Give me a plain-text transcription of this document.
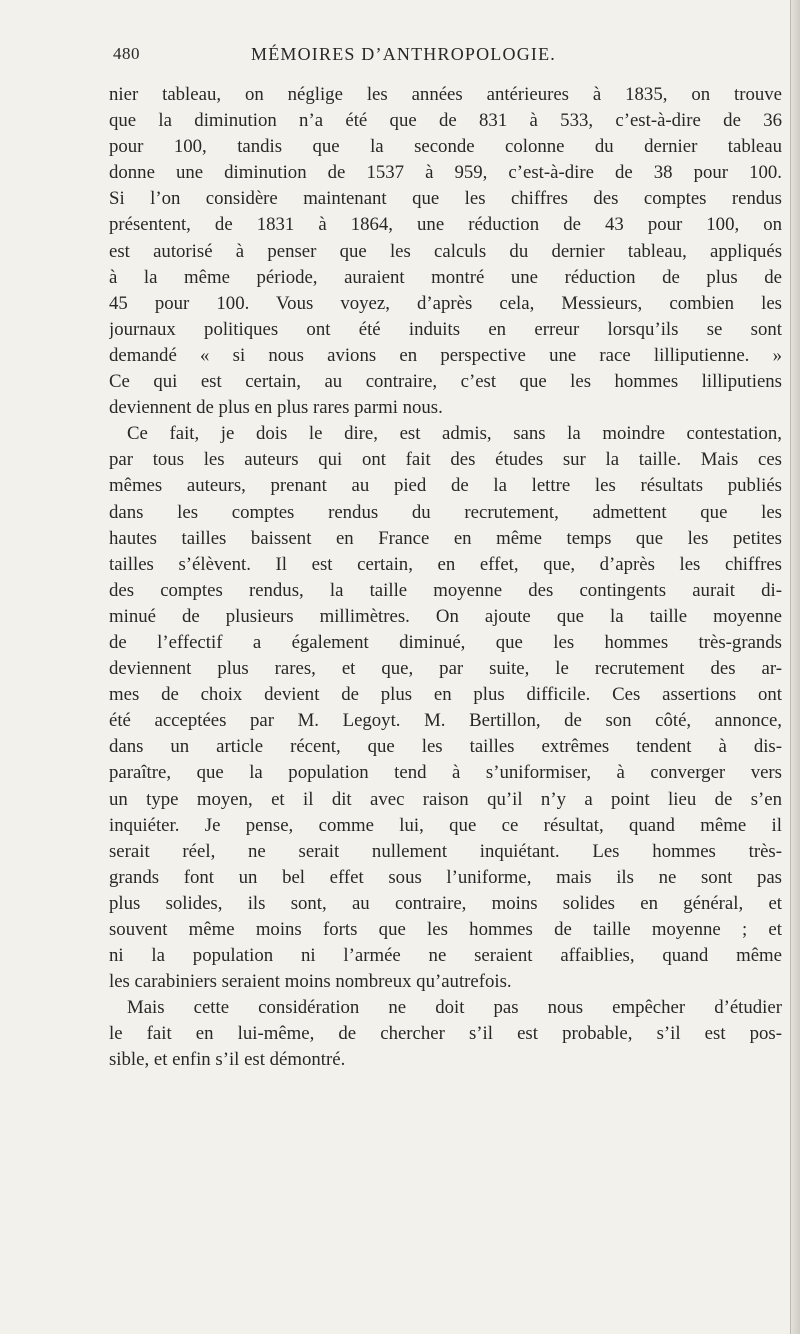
480	MÉMOIRES D’ANTHROPOLOGIE.

nier tableau, on néglige les années antérieures à 1835, on trouve
que la diminution n’a été que de 831 à 533, c’est-à-dire de 36
pour 100, tandis que la seconde colonne du dernier tableau
donne une diminution de 1537 à 959, c’est-à-dire de 38 pour 100.
Si l’on considère maintenant que les chiffres des comptes rendus
présentent, de 1831 à 1864, une réduction de 43 pour 100, on
est autorisé à penser que les calculs du dernier tableau, appliqués
à la même période, auraient montré une réduction de plus de
45 pour 100. Vous voyez, d’après cela, Messieurs, combien les
journaux politiques ont été induits en erreur lorsqu’ils se sont
demandé « si nous avions en perspective une race lilliputienne. »
Ce qui est certain, au contraire, c’est que les hommes lilliputiens
deviennent de plus en plus rares parmi nous.

Ce fait, je dois le dire, est admis, sans la moindre contestation,
par tous les auteurs qui ont fait des études sur la taille. Mais ces
mêmes auteurs, prenant au pied de la lettre les résultats publiés
dans les comptes rendus du recrutement, admettent que les
hautes tailles baissent en France en même temps que les petites
tailles s’élèvent. Il est certain, en effet, que, d’après les chiffres
des comptes rendus, la taille moyenne des contingents aurait di-
minué de plusieurs millimètres. On ajoute que la taille moyenne
de l’effectif a également diminué, que les hommes très-grands
deviennent plus rares, et que, par suite, le recrutement des ar-
mes de choix devient de plus en plus difficile. Ces assertions ont
été acceptées par M. Legoyt. M. Bertillon, de son côté, annonce,
dans un article récent, que les tailles extrêmes tendent à dis-
paraître, que la population tend à s’uniformiser, à converger vers
un type moyen, et il dit avec raison qu’il n’y a point lieu de s’en
inquiéter. Je pense, comme lui, que ce résultat, quand même il
serait réel, ne serait nullement inquiétant. Les hommes très-
grands font un bel effet sous l’uniforme, mais ils ne sont pas
plus solides, ils sont, au contraire, moins solides en général, et
souvent même moins forts que les hommes de taille moyenne ; et
ni la population ni l’armée ne seraient affaiblies, quand même
les carabiniers seraient moins nombreux qu’autrefois.

Mais cette considération ne doit pas nous empêcher d’étudier
le fait en lui-même, de chercher s’il est probable, s’il est pos-
sible, et enfin s’il est démontré.
